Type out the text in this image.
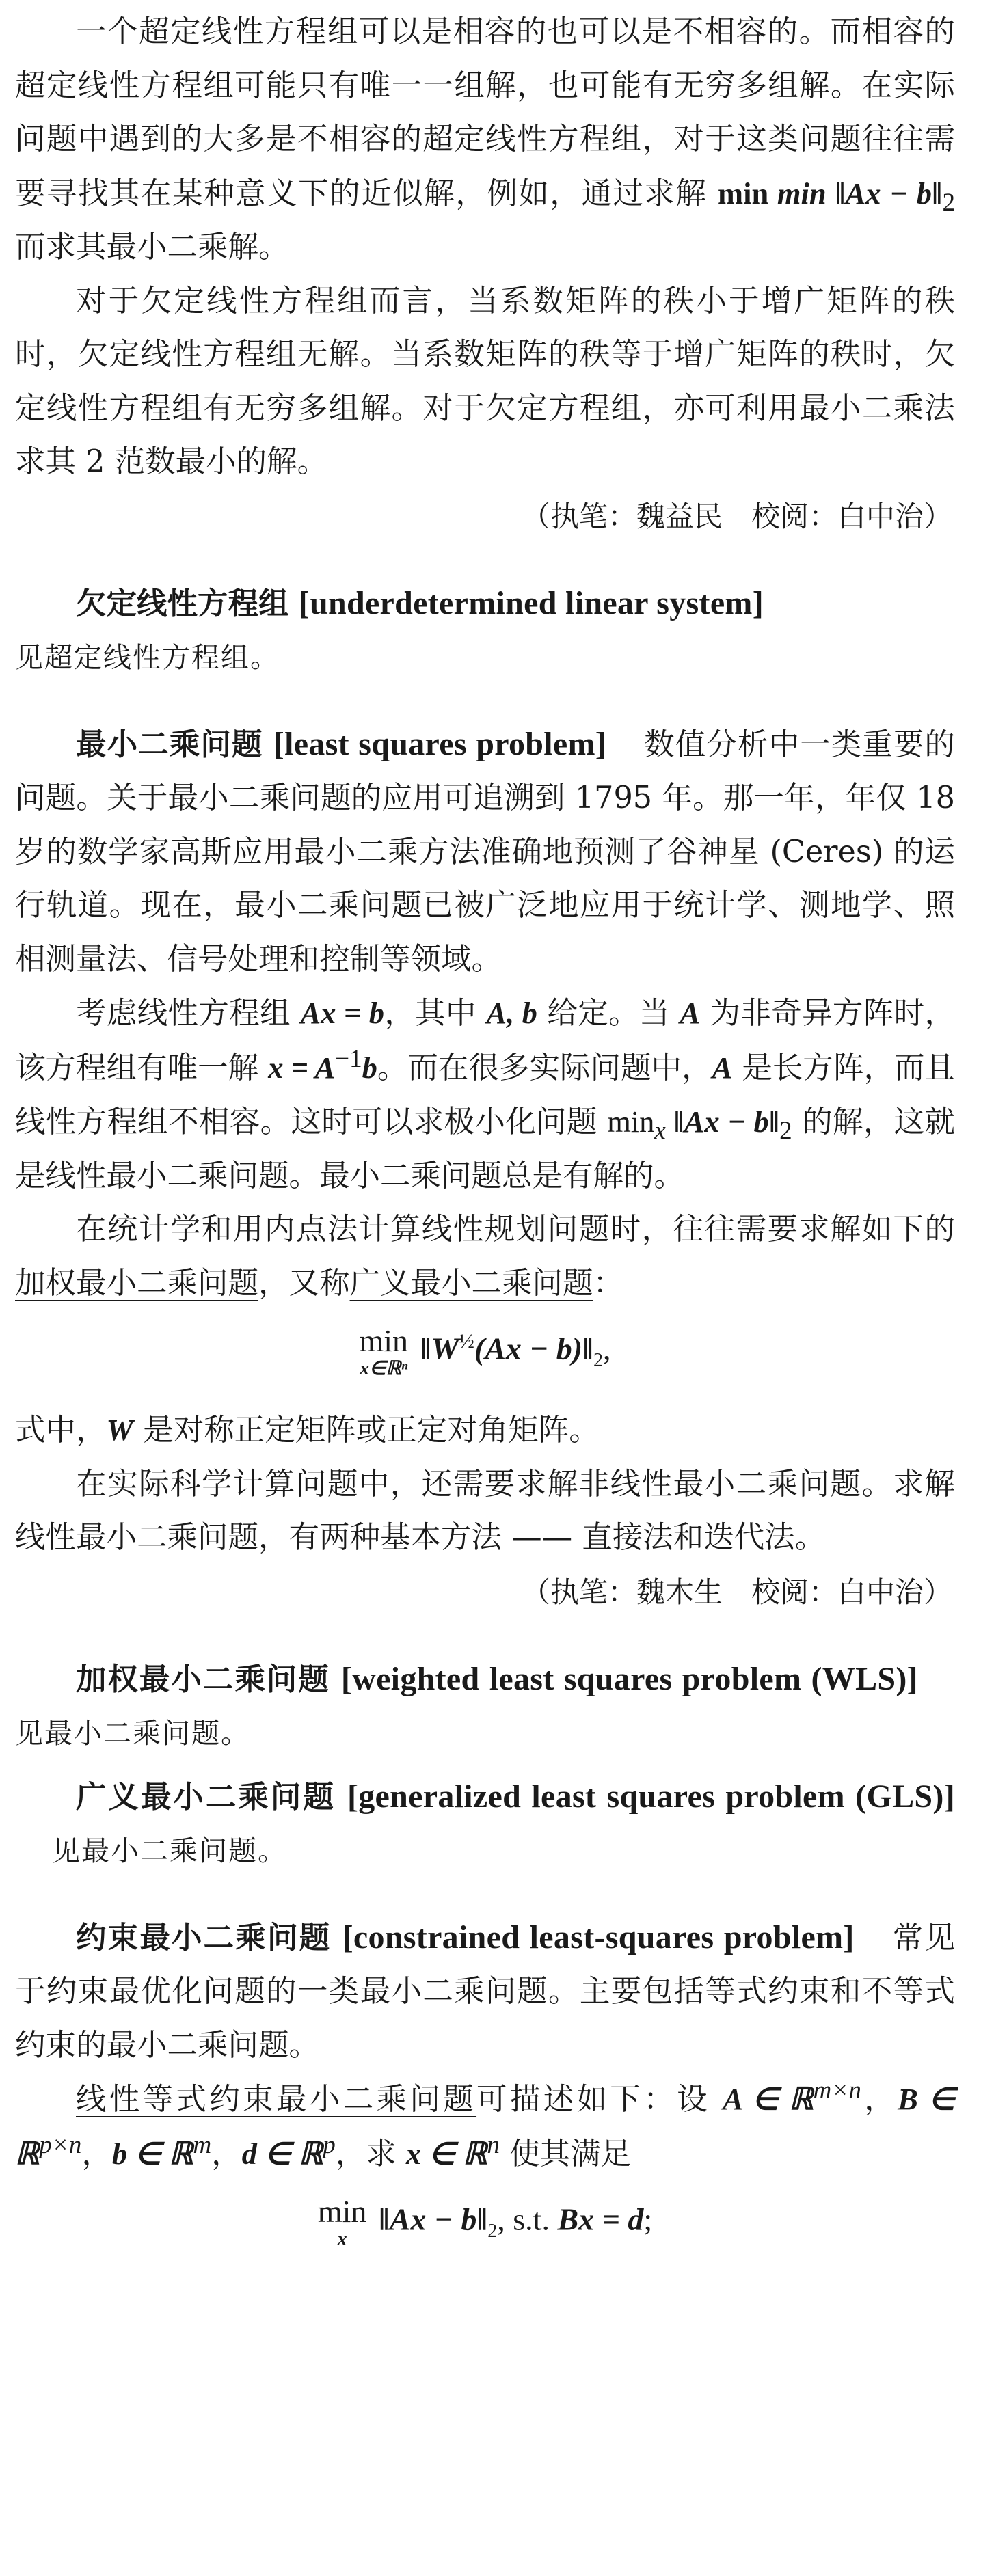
一个超定线性方程组可以是相容的也可以是不相容的。而相容的超定线性方程组可能只有唯一一组解，也可能有无穷多组解。在实际问题中遇到的大多是不相容的超定线性方程组，对于这类问题往往需要寻找其在某种意义下的近似解，例如，通过求解 min min ‖Ax − $b‖_2$ 而求其最小二乘解。

对于欠定线性方程组而言，当系数矩阵的秩小于增广矩阵的秩时，欠定线性方程组无解。当系数矩阵的秩等于增广矩阵的秩时，欠定线性方程组有无穷多组解。对于欠定方程组，亦可利用最小二乘法求其 2 范数最小的解。

（执笔：魏益民　校阅：白中治）

欠定线性方程组 [underdetermined linear system]

见超定线性方程组。

最小二乘问题 [least squares problem] 数值分析中一类重要的问题。关于最小二乘问题的应用可追溯到 1795 年。那一年，年仅 18 岁的数学家高斯应用最小二乘方法准确地预测了谷神星 (Ceres) 的运行轨道。现在，最小二乘问题已被广泛地应用于统计学、测地学、照相测量法、信号处理和控制等领域。

考虑线性方程组 Ax = b，其中 A, b 给定。当 A 为非奇异方阵时，该方程组有唯一解 $x = A^{-1}b$。而在很多实际问题中，A 是长方阵，而且线性方程组不相容。这时可以求极小化问题 $\min_x$ ‖Ax − $b‖_2$ 的解，这就是线性最小二乘问题。最小二乘问题总是有解的。

在统计学和用内点法计算线性规划问题时，往往需要求解如下的加权最小二乘问题，又称广义最小二乘问题：

min
x∈ℝⁿ
$‖W^{\frac{1}{2}}(Ax$ − $b)‖_2$,

式中，W 是对称正定矩阵或正定对角矩阵。

在实际科学计算问题中，还需要求解非线性最小二乘问题。求解线性最小二乘问题，有两种基本方法 —— 直接法和迭代法。

（执笔：魏木生　校阅：白中治）

加权最小二乘问题 [weighted least squares problem (WLS)]见最小二乘问题。

广义最小二乘问题 [generalized least squares problem (GLS)]见最小二乘问题。

约束最小二乘问题 [constrained least-squares problem] 常见于约束最优化问题的一类最小二乘问题。主要包括等式约束和不等式约束的最小二乘问题。

线性等式约束最小二乘问题可描述如下：设 A ∈ ℝ$^{m\times n}$，B ∈ ℝ$^{p\times n}$，b ∈ ℝ$^m$，d ∈ ℝ$^p$，求 x ∈ ℝ$^n$ 使其满足

min
x
‖Ax − $b‖_2$, s.t. Bx = d;
